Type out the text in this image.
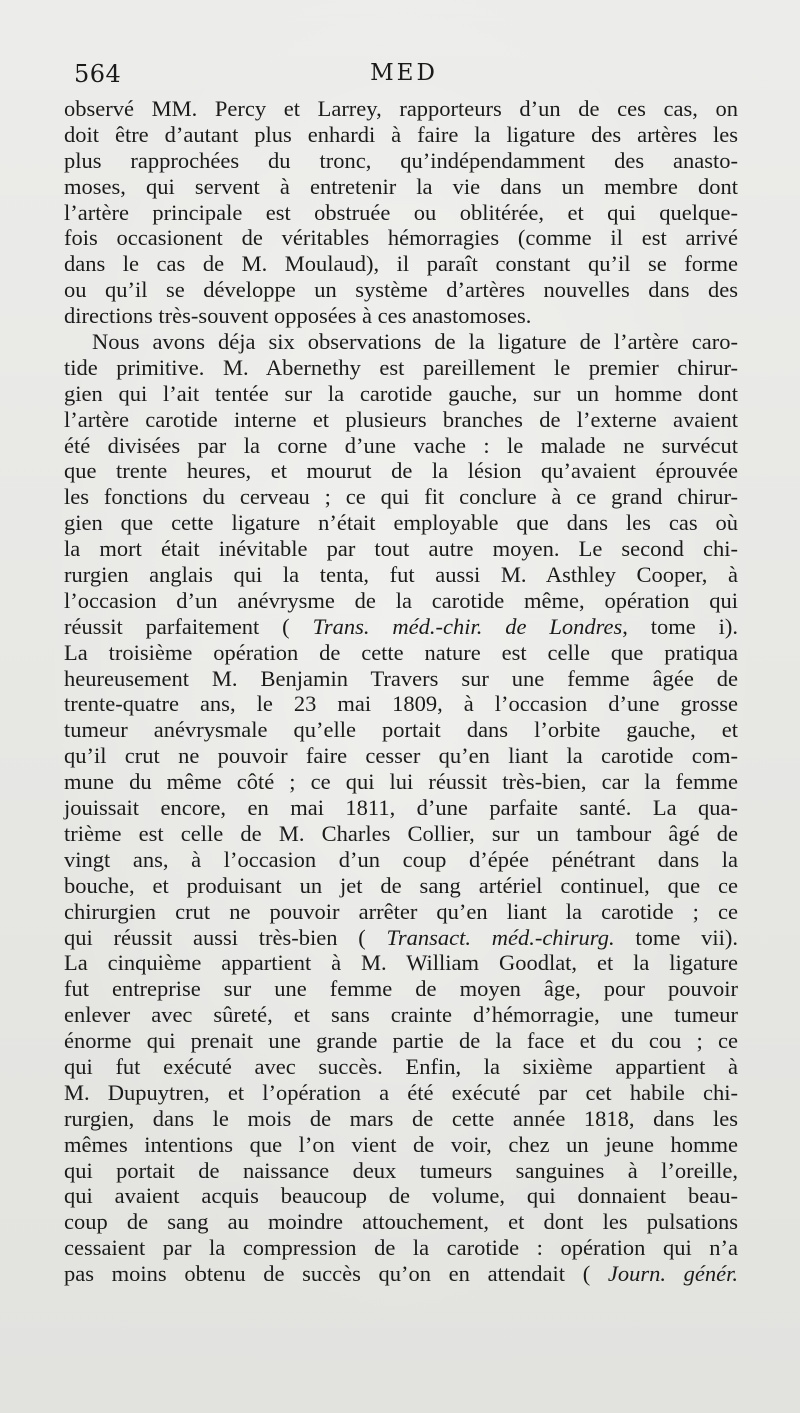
564	MED
observé MM. Percy et Larrey, rapporteurs d’un de ces cas, on
doit être d’autant plus enhardi à faire la ligature des artères les
plus rapprochées du tronc, qu’indépendamment des anasto-
moses, qui servent à entretenir la vie dans un membre dont
l’artère principale est obstruée ou oblitérée, et qui quelque-
fois occasionent de véritables hémorragies (comme il est arrivé
dans le cas de M. Moulaud), il paraît constant qu’il se forme
ou qu’il se développe un système d’artères nouvelles dans des
directions très-souvent opposées à ces anastomoses.
Nous avons déja six observations de la ligature de l’artère caro-
tide primitive. M. Abernethy est pareillement le premier chirur-
gien qui l’ait tentée sur la carotide gauche, sur un homme dont
l’artère carotide interne et plusieurs branches de l’externe avaient
été divisées par la corne d’une vache : le malade ne survécut
que trente heures, et mourut de la lésion qu’avaient éprouvée
les fonctions du cerveau ; ce qui fit conclure à ce grand chirur-
gien que cette ligature n’était employable que dans les cas où
la mort était inévitable par tout autre moyen. Le second chi-
rurgien anglais qui la tenta, fut aussi M. Asthley Cooper, à
l’occasion d’un anévrysme de la carotide même, opération qui
réussit parfaitement ( Trans. méd.-chir. de Londres, tome i).
La troisième opération de cette nature est celle que pratiqua
heureusement M. Benjamin Travers sur une femme âgée de
trente-quatre ans, le 23 mai 1809, à l’occasion d’une grosse
tumeur anévrysmale qu’elle portait dans l’orbite gauche, et
qu’il crut ne pouvoir faire cesser qu’en liant la carotide com-
mune du même côté ; ce qui lui réussit très-bien, car la femme
jouissait encore, en mai 1811, d’une parfaite santé. La qua-
trième est celle de M. Charles Collier, sur un tambour âgé de
vingt ans, à l’occasion d’un coup d’épée pénétrant dans la
bouche, et produisant un jet de sang artériel continuel, que ce
chirurgien crut ne pouvoir arrêter qu’en liant la carotide ; ce
qui réussit aussi très-bien ( Transact. méd.-chirurg. tome vii).
La cinquième appartient à M. William Goodlat, et la ligature
fut entreprise sur une femme de moyen âge, pour pouvoir
enlever avec sûreté, et sans crainte d’hémorragie, une tumeur
énorme qui prenait une grande partie de la face et du cou ; ce
qui fut exécuté avec succès. Enfin, la sixième appartient à
M. Dupuytren, et l’opération a été exécuté par cet habile chi-
rurgien, dans le mois de mars de cette année 1818, dans les
mêmes intentions que l’on vient de voir, chez un jeune homme
qui portait de naissance deux tumeurs sanguines à l’oreille,
qui avaient acquis beaucoup de volume, qui donnaient beau-
coup de sang au moindre attouchement, et dont les pulsations
cessaient par la compression de la carotide : opération qui n’a
pas moins obtenu de succès qu’on en attendait ( Journ. génér.
